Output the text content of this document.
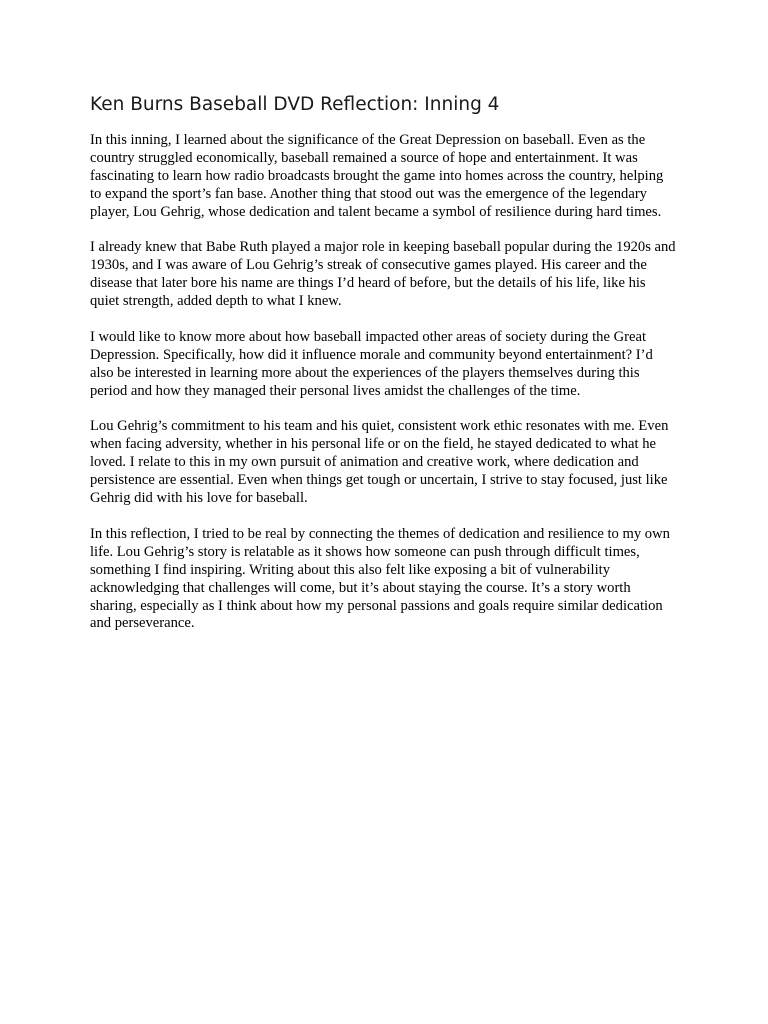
Ken Burns Baseball DVD Reflection: Inning 4

In this inning, I learned about the significance of the Great Depression on baseball. Even as the country struggled economically, baseball remained a source of hope and entertainment. It was fascinating to learn how radio broadcasts brought the game into homes across the country, helping to expand the sport’s fan base. Another thing that stood out was the emergence of the legendary player, Lou Gehrig, whose dedication and talent became a symbol of resilience during hard times.

I already knew that Babe Ruth played a major role in keeping baseball popular during the 1920s and 1930s, and I was aware of Lou Gehrig’s streak of consecutive games played. His career and the disease that later bore his name are things I’d heard of before, but the details of his life, like his quiet strength, added depth to what I knew.

I would like to know more about how baseball impacted other areas of society during the Great Depression. Specifically, how did it influence morale and community beyond entertainment? I’d also be interested in learning more about the experiences of the players themselves during this period and how they managed their personal lives amidst the challenges of the time.

Lou Gehrig’s commitment to his team and his quiet, consistent work ethic resonates with me. Even when facing adversity, whether in his personal life or on the field, he stayed dedicated to what he loved. I relate to this in my own pursuit of animation and creative work, where dedication and persistence are essential. Even when things get tough or uncertain, I strive to stay focused, just like Gehrig did with his love for baseball.

In this reflection, I tried to be real by connecting the themes of dedication and resilience to my own life. Lou Gehrig’s story is relatable as it shows how someone can push through difficult times, something I find inspiring. Writing about this also felt like exposing a bit of vulnerability acknowledging that challenges will come, but it’s about staying the course. It’s a story worth sharing, especially as I think about how my personal passions and goals require similar dedication and perseverance.
